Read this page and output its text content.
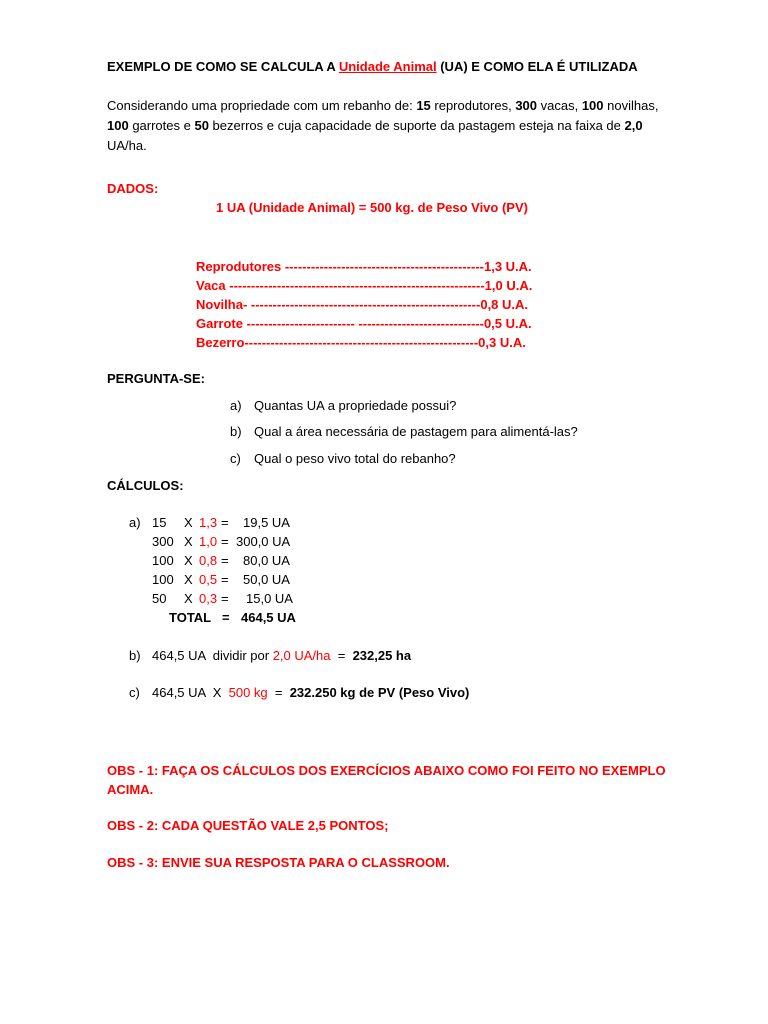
EXEMPLO DE COMO SE CALCULA A Unidade Animal (UA) E COMO ELA É UTILIZADA
Considerando uma propriedade com um rebanho de: 15 reprodutores, 300 vacas, 100 novilhas, 100 garrotes e 50 bezerros e cuja capacidade de suporte da pastagem esteja na faixa de 2,0 UA/ha.
DADOS:
1 UA (Unidade Animal) = 500 kg. de Peso Vivo (PV)
Reprodutores ----------------------------------------------1,3 U.A.
Vaca -----------------------------------------------------------1,0 U.A.
Novilha- -----------------------------------------------------0,8 U.A.
Garrote ------------------------- -----------------------------0,5 U.A.
Bezerro------------------------------------------------------0,3 U.A.
PERGUNTA-SE:
a) Quantas UA a propriedade possui?
b) Qual a área necessária de pastagem para alimentá-las?
c) Qual o peso vivo total do rebanho?
CÁLCULOS:
a) 15 X 1,3 = 19,5 UA
300 X 1,0 = 300,0 UA
100 X 0,8 = 80,0 UA
100 X 0,5 = 50,0 UA
50 X 0,3 = 15,0 UA
TOTAL = 464,5 UA
b) 464,5 UA  dividir por 2,0 UA/ha  =  232,25 ha
c) 464,5 UA  X  500 kg  =  232.250 kg de PV (Peso Vivo)
OBS - 1: FAÇA OS CÁLCULOS DOS EXERCÍCIOS ABAIXO COMO FOI FEITO NO EXEMPLO ACIMA.
OBS - 2: CADA QUESTÃO VALE 2,5 PONTOS;
OBS - 3: ENVIE SUA RESPOSTA PARA O CLASSROOM.
